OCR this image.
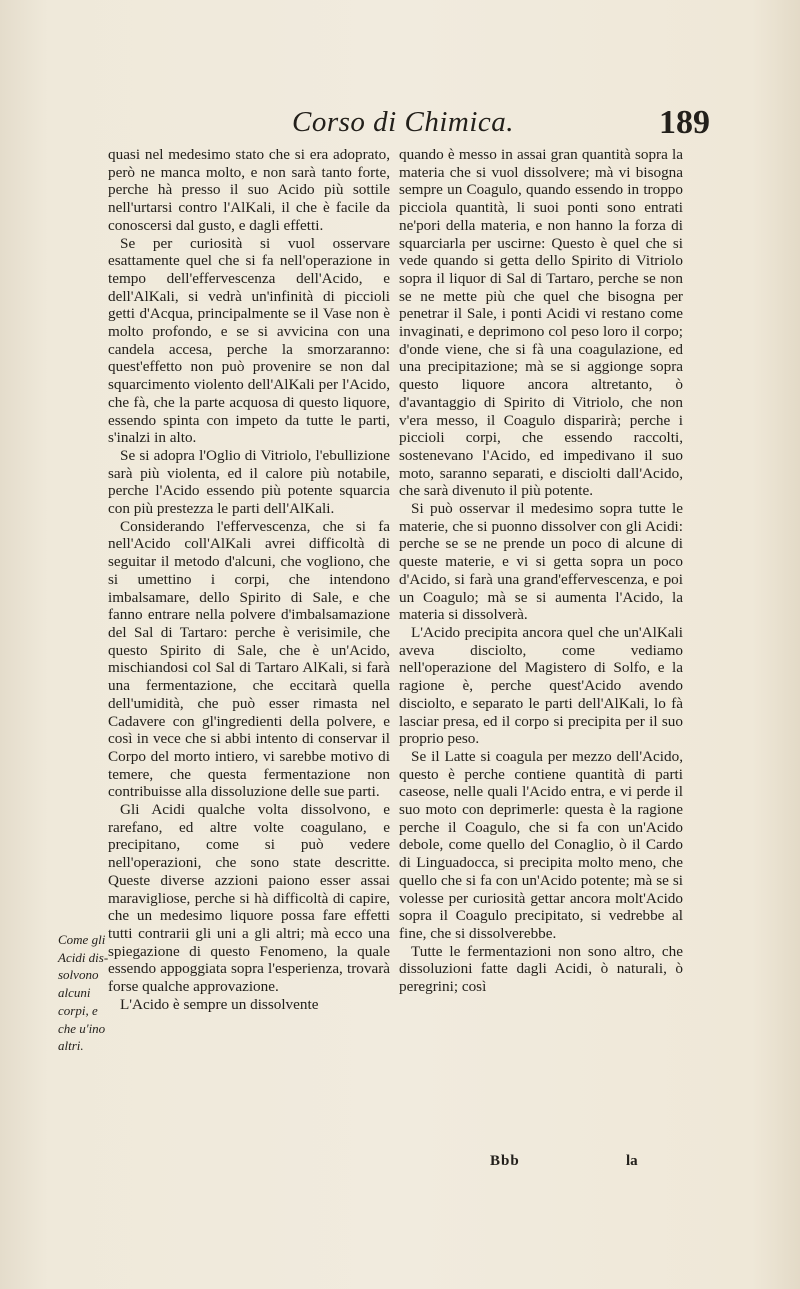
Corso di Chimica.	189
Come gli
Acidi dis-
solvono
alcuni
corpi, e
che u'ino
altri.

quasi nel medesimo stato che si era adoprato, però ne manca molto, e non sarà tanto forte, perche hà presso il suo Acido più sottile nell'urtarsi contro l'AlKali, il che è facile da conoscersi dal gusto, e dagli effetti.

Se per curiosità si vuol osservare esattamente quel che si fa nell'operazione in tempo dell'effervescenza dell'Acido, e dell'AlKali, si vedrà un'infinità di piccioli getti d'Acqua, principalmente se il Vase non è molto profondo, e se si avvicina con una candela accesa, perche la smorzaranno: quest'effetto non può provenire se non dal squarcimento violento dell'AlKali per l'Acido, che fà, che la parte acquosa di questo liquore, essendo spinta con impeto da tutte le parti, s'inalzi in alto.

Se si adopra l'Oglio di Vitriolo, l'ebullizione sarà più violenta, ed il calore più notabile, perche l'Acido essendo più potente squarcia con più prestezza le parti dell'AlKali.

Considerando l'effervescenza, che si fa nell'Acido coll'AlKali avrei difficoltà di seguitar il metodo d'alcuni, che vogliono, che si umettino i corpi, che intendono imbalsamare, dello Spirito di Sale, e che fanno entrare nella polvere d'imbalsamazione del Sal di Tartaro: perche è verisimile, che questo Spirito di Sale, che è un'Acido, mischiandosi col Sal di Tartaro AlKali, si farà una fermentazione, che eccitarà quella dell'umidità, che può esser rimasta nel Cadavere con gl'ingredienti della polvere, e così in vece che si abbi intento di conservar il Corpo del morto intiero, vi sarebbe motivo di temere, che questa fermentazione non contribuisse alla dissoluzione delle sue parti.

Gli Acidi qualche volta dissolvono, e rarefano, ed altre volte coagulano, e precipitano, come si può vedere nell'operazioni, che sono state descritte. Queste diverse azzioni paiono esser assai maravigliose, perche si hà difficoltà di capire, che un medesimo liquore possa fare effetti tutti contrarii gli uni a gli altri; mà ecco una spiegazione di questo Fenomeno, la quale essendo appoggiata sopra l'esperienza, trovarà forse qualche approvazione.

L'Acido è sempre un dissolvente

quando è messo in assai gran quantità sopra la materia che si vuol dissolvere; mà vi bisogna sempre un Coagulo, quando essendo in troppo picciola quantità, li suoi ponti sono entrati ne'pori della materia, e non hanno la forza di squarciarla per uscirne: Questo è quel che si vede quando si getta dello Spirito di Vitriolo sopra il liquor di Sal di Tartaro, perche se non se ne mette più che quel che bisogna per penetrar il Sale, i ponti Acidi vi restano come invaginati, e deprimono col peso loro il corpo; d'onde viene, che si fà una coagulazione, ed una precipitazione; mà se si aggionge sopra questo liquore ancora altretanto, ò d'avantaggio di Spirito di Vitriolo, che non v'era messo, il Coagulo disparirà; perche i piccioli corpi, che essendo raccolti, sostenevano l'Acido, ed impedivano il suo moto, saranno separati, e disciolti dall'Acido, che sarà divenuto il più potente.

Si può osservar il medesimo sopra tutte le materie, che si puonno dissolver con gli Acidi: perche se se ne prende un poco di alcune di queste materie, e vi si getta sopra un poco d'Acido, si farà una grand'effervescenza, e poi un Coagulo; mà se si aumenta l'Acido, la materia si dissolverà.

L'Acido precipita ancora quel che un'AlKali aveva disciolto, come vediamo nell'operazione del Magistero di Solfo, e la ragione è, perche quest'Acido avendo disciolto, e separato le parti dell'AlKali, lo fà lasciar presa, ed il corpo si precipita per il suo proprio peso.

Se il Latte si coagula per mezzo dell'Acido, questo è perche contiene quantità di parti caseose, nelle quali l'Acido entra, e vi perde il suo moto con deprimerle: questa è la ragione perche il Coagulo, che si fa con un'Acido debole, come quello del Conaglio, ò il Cardo di Linguadocca, si precipita molto meno, che quello che si fa con un'Acido potente; mà se si volesse per curiosità gettar ancora molt'Acido sopra il Coagulo precipitato, si vedrebbe al fine, che si dissolverebbe.

Tutte le fermentazioni non sono altro, che dissoluzioni fatte dagli Acidi, ò naturali, ò peregrini; così

Bbb	la
